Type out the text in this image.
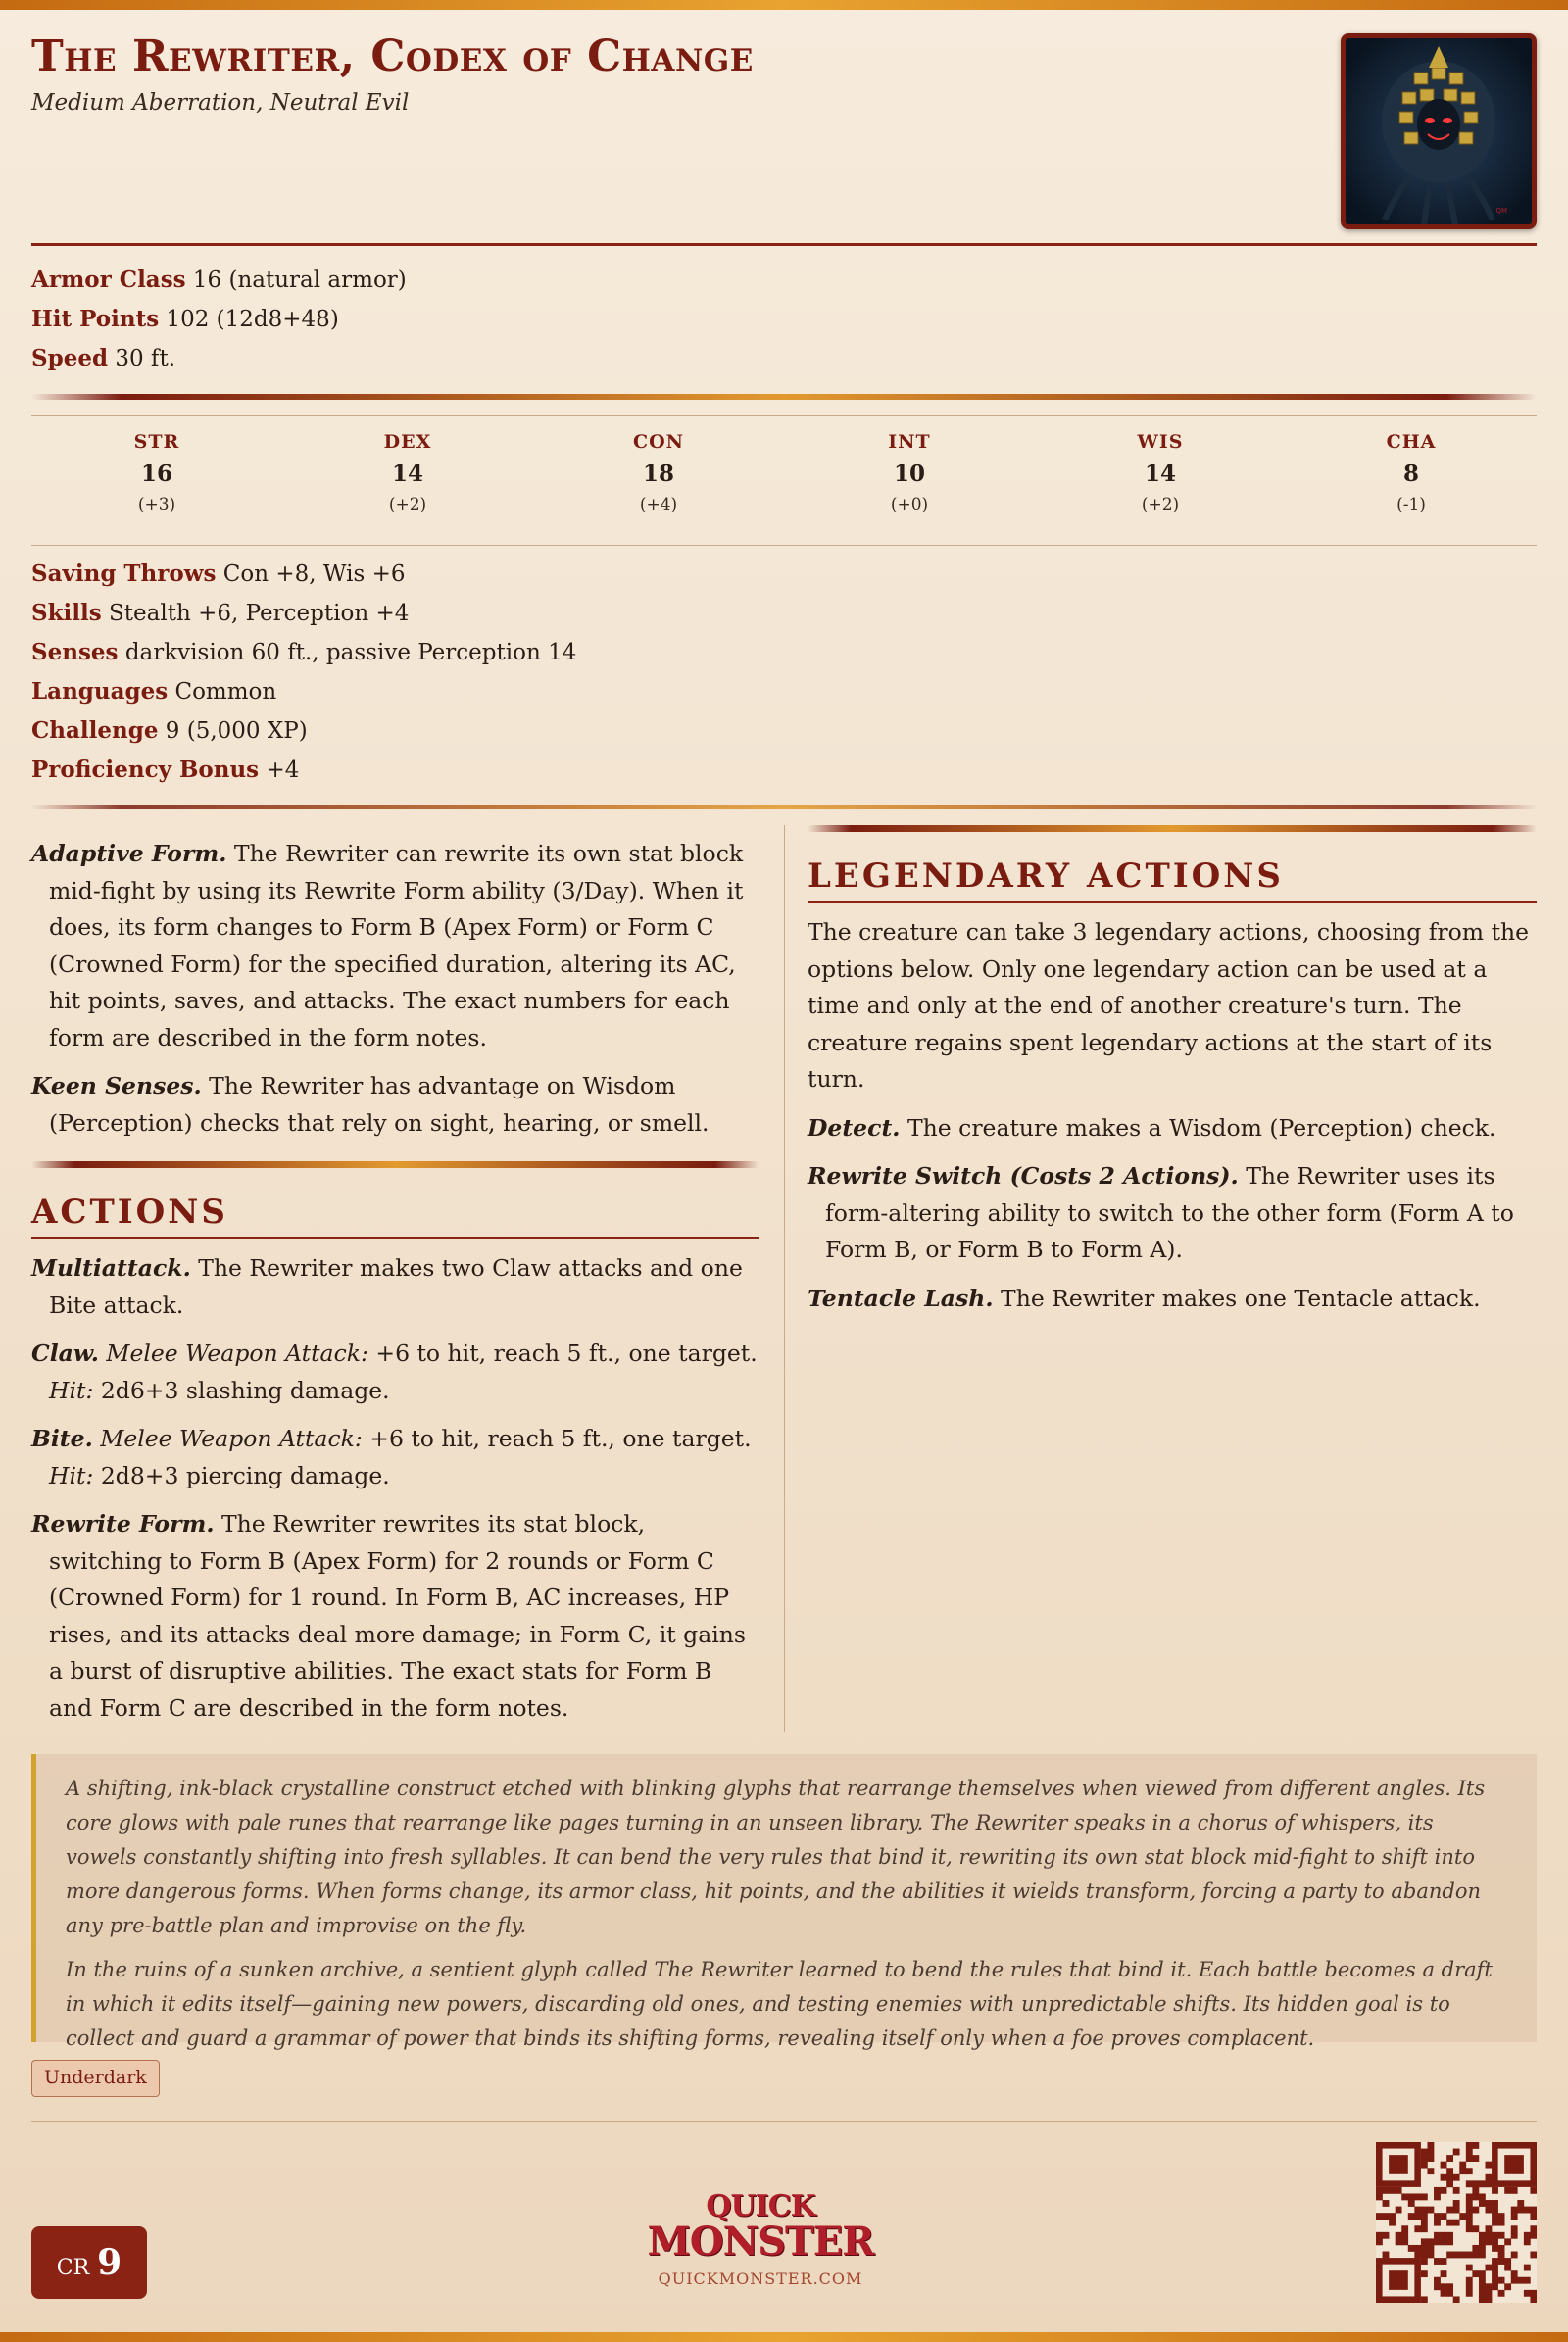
The Rewriter, Codex of Change
Medium Aberration, Neutral Evil
QM
Armor Class 16 (natural armor)
Hit Points 102 (12d8+48)
Speed 30 ft.
STR
16
(+3)
DEX
14
(+2)
CON
18
(+4)
INT
10
(+0)
WIS
14
(+2)
CHA
8
(-1)
Saving Throws Con +8, Wis +6
Skills Stealth +6, Perception +4
Senses darkvision 60 ft., passive Perception 14
Languages Common
Challenge 9 (5,000 XP)
Proficiency Bonus +4

Adaptive Form. The Rewriter can rewrite its own stat block mid-fight by using its Rewrite Form ability (3/Day). When it does, its form changes to Form B (Apex Form) or Form C (Crowned Form) for the specified duration, altering its AC, hit points, saves, and attacks. The exact numbers for each form are described in the form notes.

Keen Senses. The Rewriter has advantage on Wisdom (Perception) checks that rely on sight, hearing, or smell.

ACTIONS

Multiattack. The Rewriter makes two Claw attacks and one Bite attack.

Claw. Melee Weapon Attack: +6 to hit, reach 5 ft., one target. Hit: 2d6+3 slashing damage.

Bite. Melee Weapon Attack: +6 to hit, reach 5 ft., one target. Hit: 2d8+3 piercing damage.

Rewrite Form. The Rewriter rewrites its stat block, switching to Form B (Apex Form) for 2 rounds or Form C (Crowned Form) for 1 round. In Form B, AC increases, HP rises, and its attacks deal more damage; in Form C, it gains a burst of disruptive abilities. The exact stats for Form B and Form C are described in the form notes.

LEGENDARY ACTIONS

The creature can take 3 legendary actions, choosing from the options below. Only one legendary action can be used at a time and only at the end of another creature's turn. The creature regains spent legendary actions at the start of its turn.

Detect. The creature makes a Wisdom (Perception) check.

Rewrite Switch (Costs 2 Actions). The Rewriter uses its form-altering ability to switch to the other form (Form A to Form B, or Form B to Form A).

Tentacle Lash. The Rewriter makes one Tentacle attack.

A shifting, ink-black crystalline construct etched with blinking glyphs that rearrange themselves when viewed from different angles. Its core glows with pale runes that rearrange like pages turning in an unseen library. The Rewriter speaks in a chorus of whispers, its vowels constantly shifting into fresh syllables. It can bend the very rules that bind it, rewriting its own stat block mid-fight to shift into more dangerous forms. When forms change, its armor class, hit points, and the abilities it wields transform, forcing a party to abandon any pre-battle plan and improvise on the fly.

In the ruins of a sunken archive, a sentient glyph called The Rewriter learned to bend the rules that bind it. Each battle becomes a draft in which it edits itself—gaining new powers, discarding old ones, and testing enemies with unpredictable shifts. Its hidden goal is to collect and guard a grammar of power that binds its shifting forms, revealing itself only when a foe proves complacent.

Underdark
CR 9
QUICK
MONSTER
QUICKMONSTER.COM
